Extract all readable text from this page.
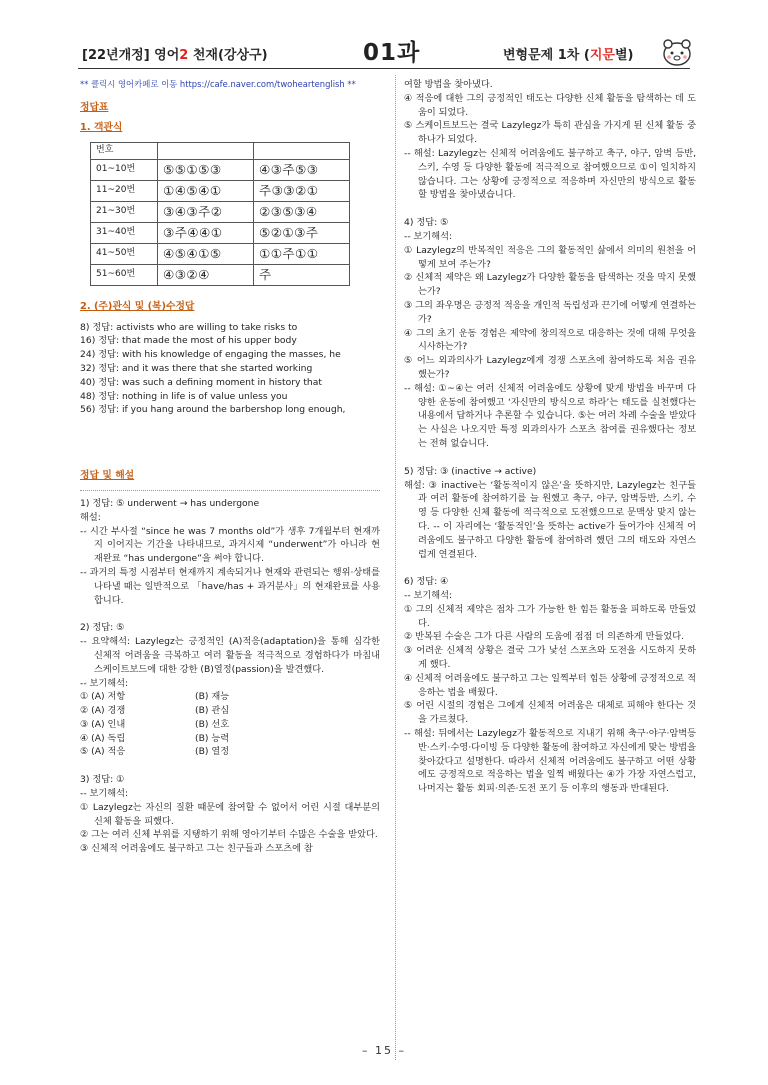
[22년개정] 영어2 천재(강상구)	01과	변형문제 1차 (지문별)

** 클릭시 영어카페로 이동 https://cafe.naver.com/twoheartenglish **

정답표

1. 객관식

번호		
01~10번	⑤⑤①⑤③	④③주⑤③
11~20번	①④⑤④①	주③③②①
21~30번	③④③주②	②③⑤③④
31~40번	③주④④①	⑤②①③주
41~50번	④⑤④①⑤	①①주①①
51~60번	④③②④	주

2. (주)관식 및 (복)수정답

8) 정답: activists who are willing to take risks to

16) 정답: that made the most of his upper body

24) 정답: with his knowledge of engaging the masses, he

32) 정답: and it was there that she started working

40) 정답: was such a defining moment in history that

48) 정답: nothing in life is of value unless you

56) 정답: if you hang around the barbershop long enough,

정답 및 해설

1) 정답: ⑤ underwent → has undergone

해설:

-- 시간 부사절 “since he was 7 months old”가 생후 7개월부터 현재까지 이어지는 기간을 나타내므로, 과거시제 “underwent”가 아니라 현재완료 “has undergone”을 써야 합니다.

-- 과거의 특정 시점부터 현재까지 계속되거나 현재와 관련되는 행위·상태를 나타낼 때는 일반적으로 「have/has + 과거분사」의 현재완료를 사용합니다.

2) 정답: ⑤

-- 요약해석: Lazylegz는 긍정적인 (A)적응(adaptation)을 통해 심각한 신체적 어려움을 극복하고 여러 활동을 적극적으로 경험하다가 마침내 스케이트보드에 대한 강한 (B)열정(passion)을 발견했다.

-- 보기해석:

① (A) 저항	(B) 재능
② (A) 경쟁	(B) 관심
③ (A) 인내	(B) 선호
④ (A) 독립	(B) 능력
⑤ (A) 적응	(B) 열정

3) 정답: ①

-- 보기해석:

① Lazylegz는 자신의 질환 때문에 참여할 수 없어서 어린 시절 대부분의 신체 활동을 피했다.

② 그는 여러 신체 부위를 지탱하기 위해 영아기부터 수많은 수술을 받았다.

③ 신체적 어려움에도 불구하고 그는 친구들과 스포츠에 참

여할 방법을 찾아냈다.

④ 적응에 대한 그의 긍정적인 태도는 다양한 신체 활동을 탐색하는 데 도움이 되었다.

⑤ 스케이트보드는 결국 Lazylegz가 특히 관심을 가지게 된 신체 활동 중 하나가 되었다.

-- 해설: Lazylegz는 신체적 어려움에도 불구하고 축구, 야구, 암벽 등반, 스키, 수영 등 다양한 활동에 적극적으로 참여했으므로 ①이 일치하지 않습니다. 그는 상황에 긍정적으로 적응하며 자신만의 방식으로 활동할 방법을 찾아냈습니다.

4) 정답: ⑤

-- 보기해석:

① Lazylegz의 반복적인 적응은 그의 활동적인 삶에서 의미의 원천을 어떻게 보여 주는가?

② 신체적 제약은 왜 Lazylegz가 다양한 활동을 탐색하는 것을 막지 못했는가?

③ 그의 좌우명은 긍정적 적응을 개인적 독립성과 끈기에 어떻게 연결하는가?

④ 그의 초기 운동 경험은 제약에 창의적으로 대응하는 것에 대해 무엇을 시사하는가?

⑤ 어느 외과의사가 Lazylegz에게 경쟁 스포츠에 참여하도록 처음 권유했는가?

-- 해설: ①~④는 여러 신체적 어려움에도 상황에 맞게 방법을 바꾸며 다양한 운동에 참여했고 ‘자신만의 방식으로 하라’는 태도를 실천했다는 내용에서 답하거나 추론할 수 있습니다. ⑤는 여러 차례 수술을 받았다는 사실은 나오지만 특정 외과의사가 스포츠 참여를 권유했다는 정보는 전혀 없습니다.

5) 정답: ③ (inactive → active)

해설: ③ inactive는 ‘활동적이지 않은’을 뜻하지만, Lazylegz는 친구들과 여러 활동에 참여하기를 늘 원했고 축구, 야구, 암벽등반, 스키, 수영 등 다양한 신체 활동에 적극적으로 도전했으므로 문맥상 맞지 않는다. -- 이 자리에는 ‘활동적인’을 뜻하는 active가 들어가야 신체적 어려움에도 불구하고 다양한 활동에 참여하려 했던 그의 태도와 자연스럽게 연결된다.

6) 정답: ④

-- 보기해석:

① 그의 신체적 제약은 점차 그가 가능한 한 힘든 활동을 피하도록 만들었다.

② 반복된 수술은 그가 다른 사람의 도움에 점점 더 의존하게 만들었다.

③ 어려운 신체적 상황은 결국 그가 낯선 스포츠와 도전을 시도하지 못하게 했다.

④ 신체적 어려움에도 불구하고 그는 일찍부터 힘든 상황에 긍정적으로 적응하는 법을 배웠다.

⑤ 어린 시절의 경험은 그에게 신체적 어려움은 대체로 피해야 한다는 것을 가르쳤다.

-- 해설: 뒤에서는 Lazylegz가 활동적으로 지내기 위해 축구·야구·암벽등반·스키·수영·다이빙 등 다양한 활동에 참여하고 자신에게 맞는 방법을 찾아갔다고 설명한다. 따라서 신체적 어려움에도 불구하고 어떤 상황에도 긍정적으로 적응하는 법을 일찍 배웠다는 ④가 가장 자연스럽고, 나머지는 활동 회피·의존·도전 포기 등 이후의 행동과 반대된다.

– 15 –
